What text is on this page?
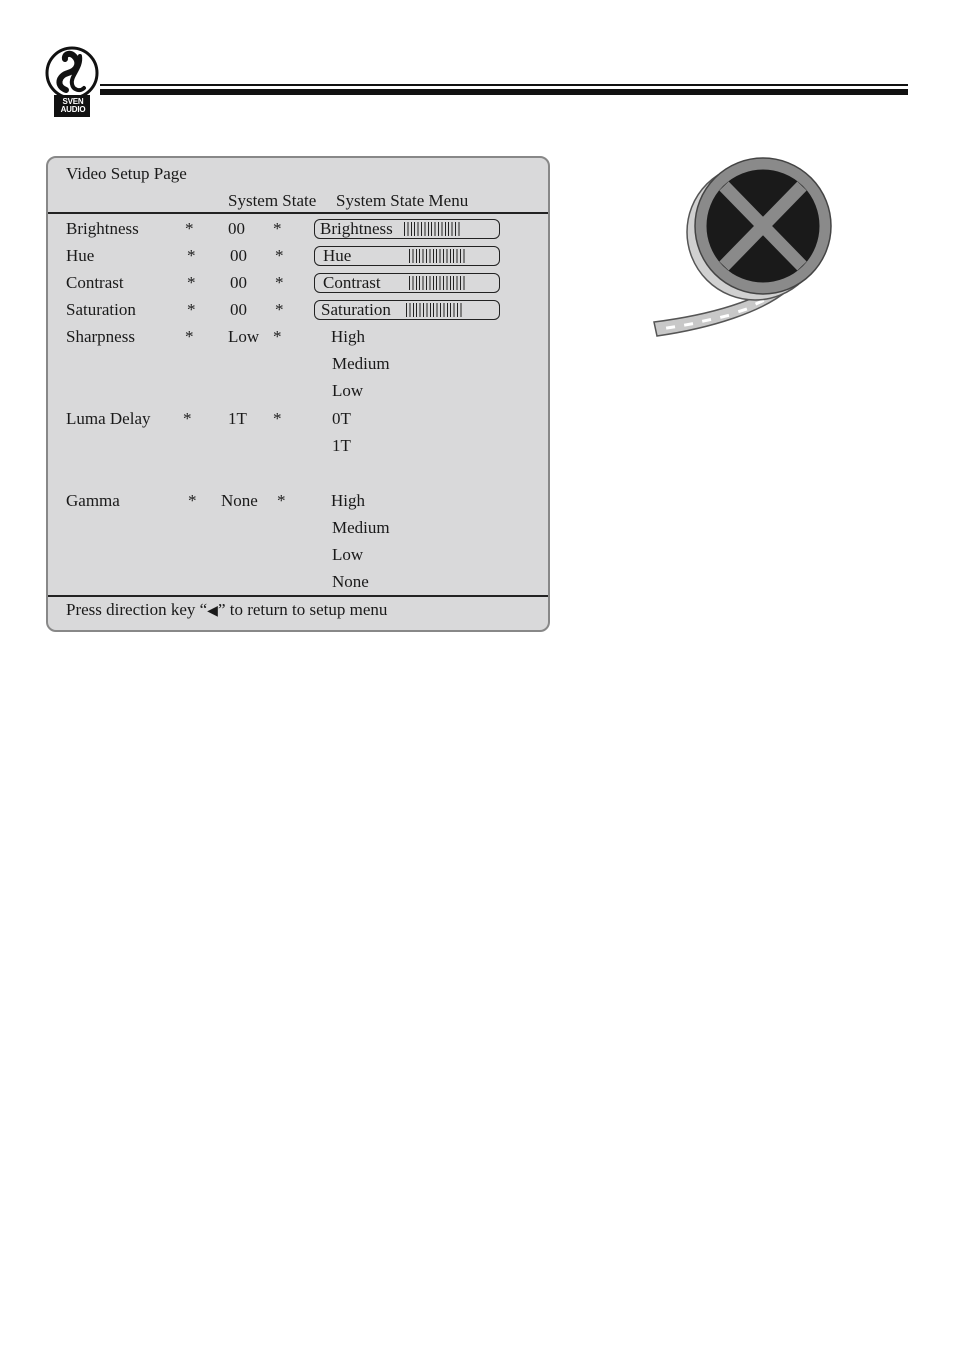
SVEN
AUDIO
Video Setup Page
System State System State Menu
Brightness	* 00 * Brightness
Hue	* 00 * Hue
Contrast	* 00 * Contrast
Saturation	* 00 * Saturation
Sharpness	* Low *	High
Medium
Low
Luma Delay * 1T *	0T
1T
Gamma	* None *	High
Medium
Low
None
Press direction key “◀” to return to setup menu
